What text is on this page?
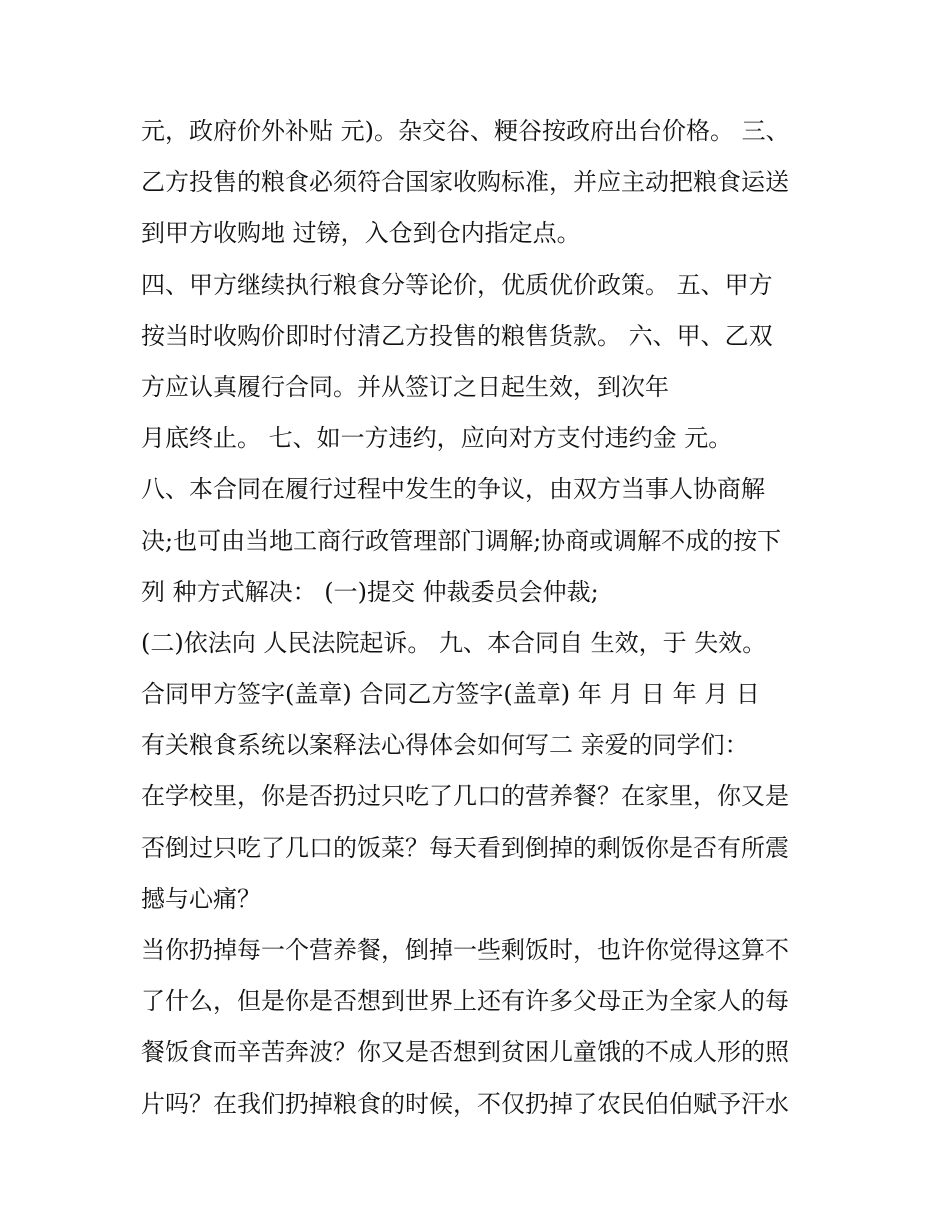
元，政府价外补贴 元)。杂交谷、粳谷按政府出台价格。 三、
乙方投售的粮食必须符合国家收购标准，并应主动把粮食运送
到甲方收购地 过镑，入仓到仓内指定点。
四、甲方继续执行粮食分等论价，优质优价政策。 五、甲方
按当时收购价即时付清乙方投售的粮售货款。 六、甲、乙双
方应认真履行合同。并从签订之日起生效，到次年
月底终止。 七、如一方违约，应向对方支付违约金 元。
八、本合同在履行过程中发生的争议，由双方当事人协商解
决;也可由当地工商行政管理部门调解;协商或调解不成的按下
列 种方式解决： (一)提交 仲裁委员会仲裁;
(二)依法向 人民法院起诉。 九、本合同自 生效，于 失效。
合同甲方签字(盖章) 合同乙方签字(盖章) 年 月 日 年 月 日
有关粮食系统以案释法心得体会如何写二 亲爱的同学们：
在学校里，你是否扔过只吃了几口的营养餐？在家里，你又是
否倒过只吃了几口的饭菜？每天看到倒掉的剩饭你是否有所震
撼与心痛？
当你扔掉每一个营养餐，倒掉一些剩饭时，也许你觉得这算不
了什么，但是你是否想到世界上还有许多父母正为全家人的每
餐饭食而辛苦奔波？你又是否想到贫困儿童饿的不成人形的照
片吗？在我们扔掉粮食的时候，不仅扔掉了农民伯伯赋予汗水
